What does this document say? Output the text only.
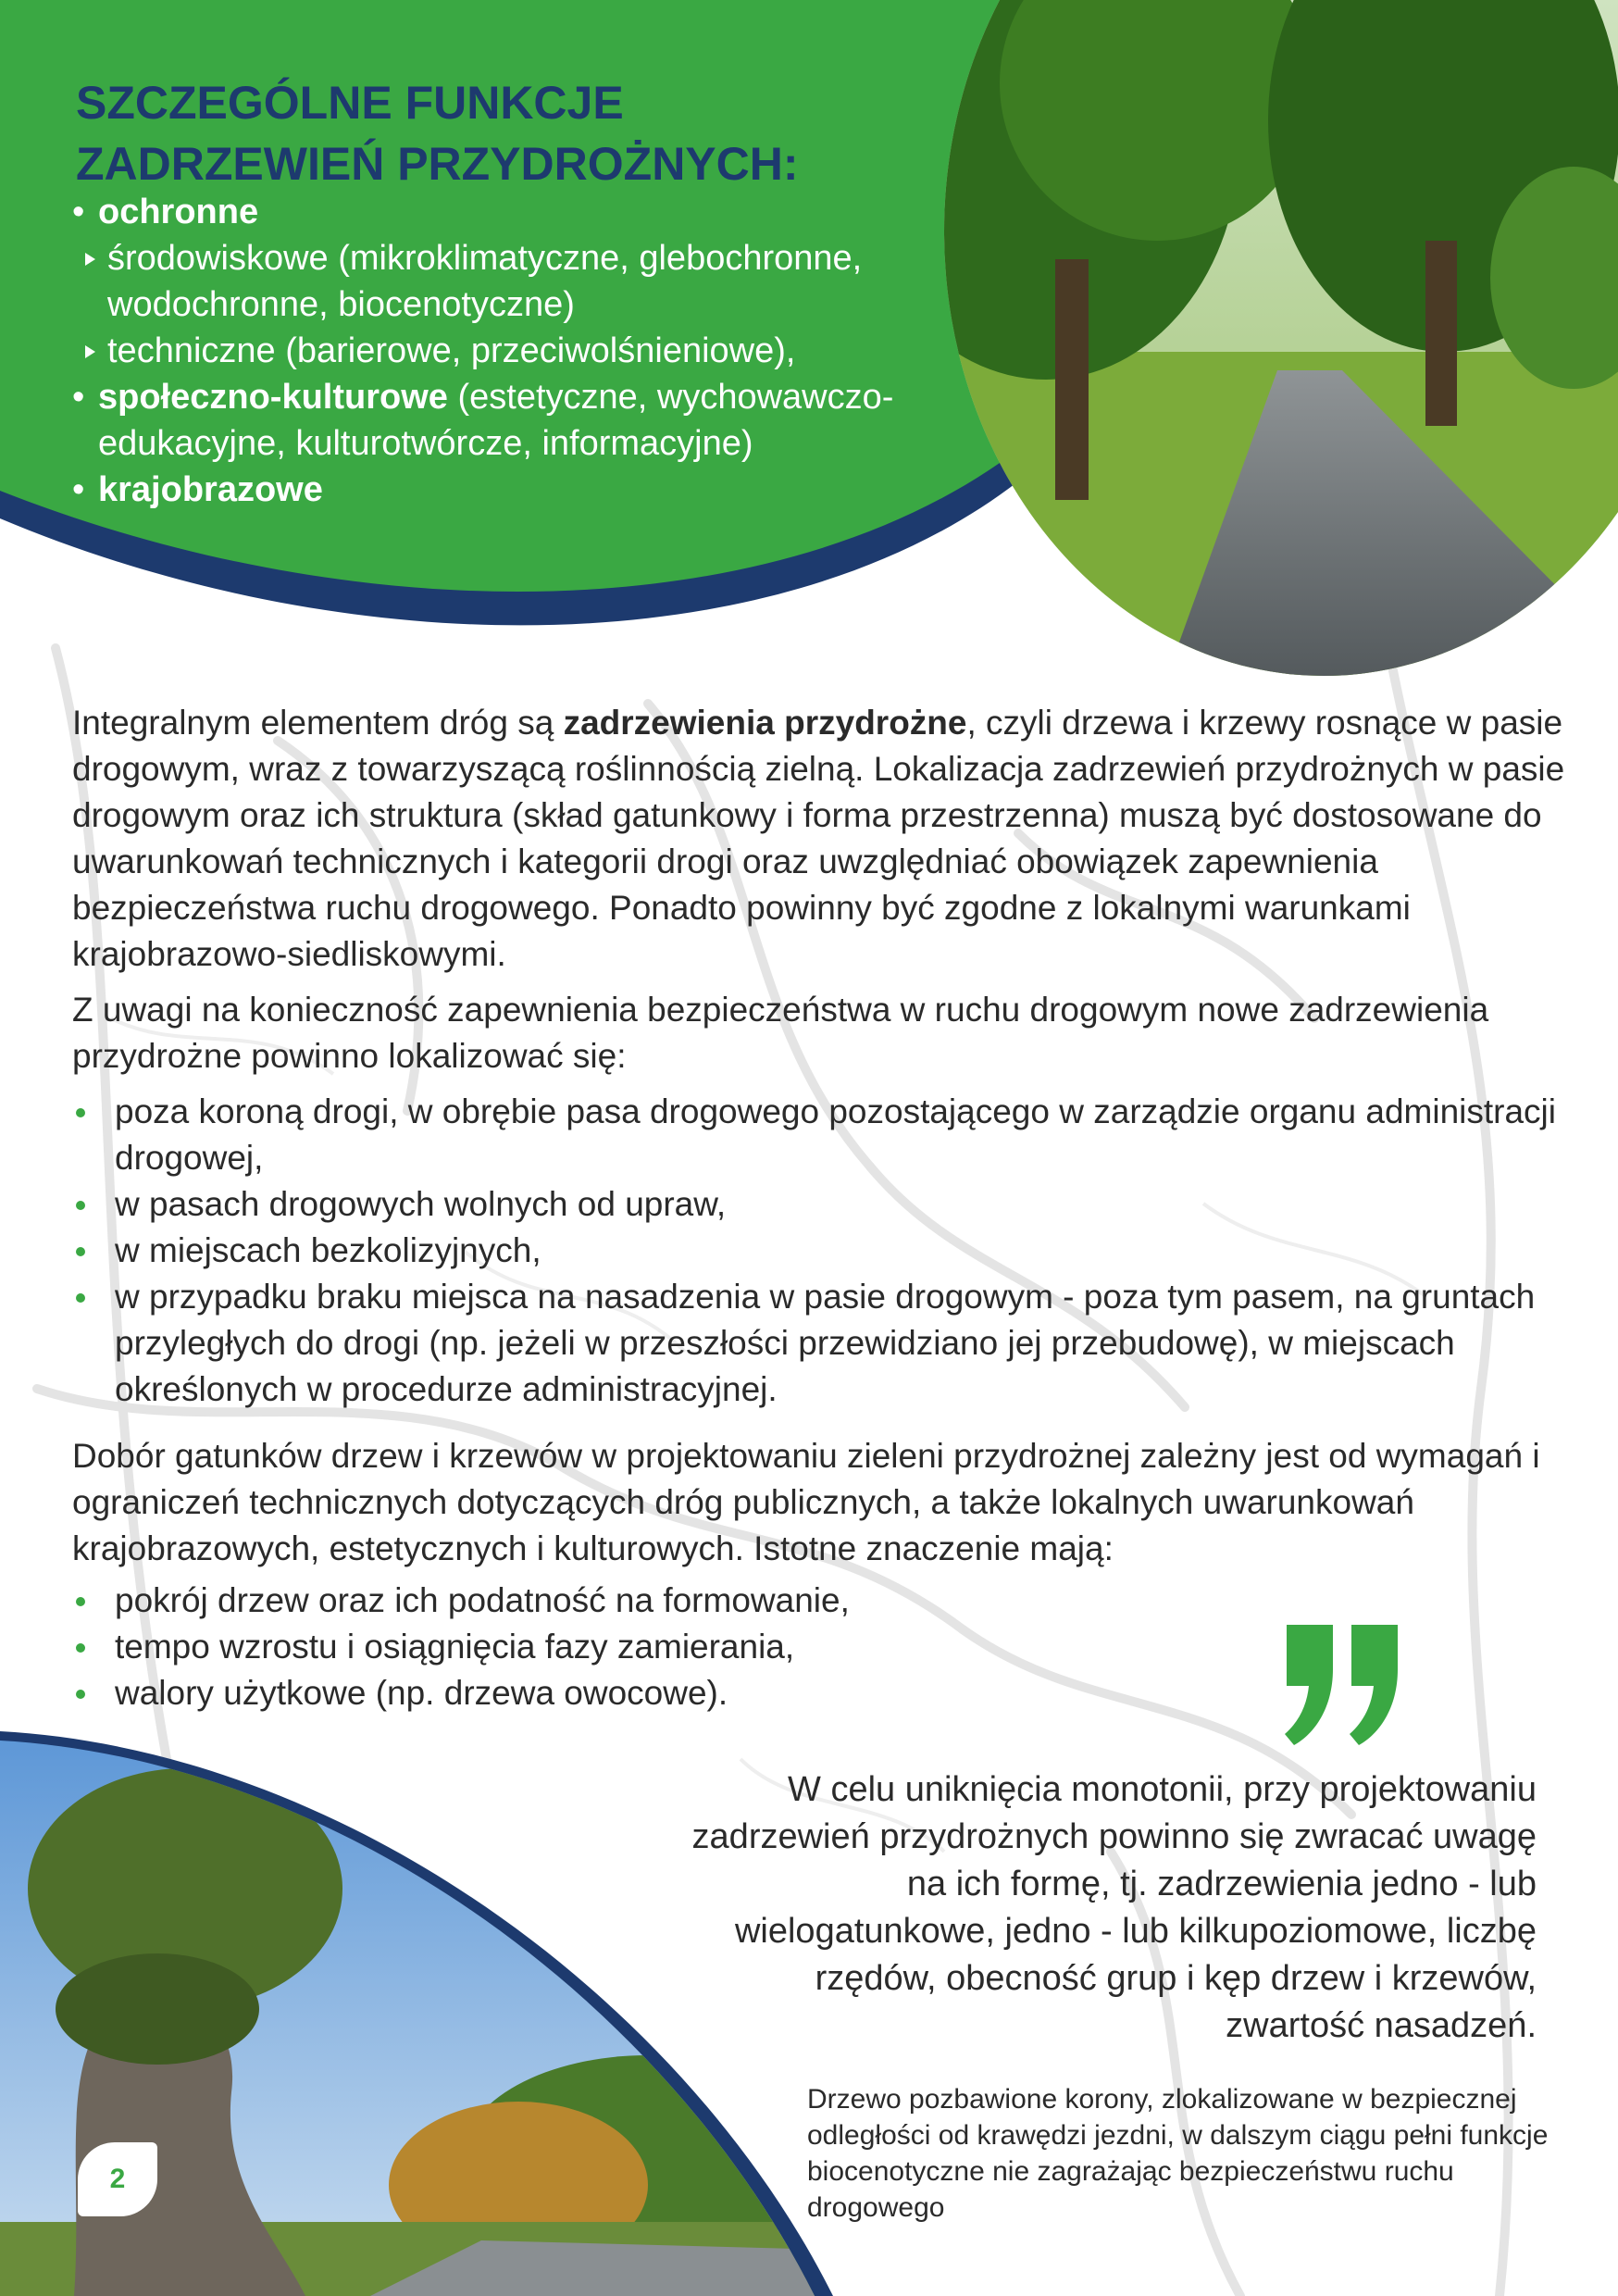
SZCZEGÓLNE FUNKCJE
ZADRZEWIEŃ PRZYDROŻNYCH:
• ochronne
środowiskowe (mikroklimatyczne, glebochronne, wodochronne, biocenotyczne)
techniczne (barierowe, przeciwolśnieniowe),
• społeczno-kulturowe (estetyczne, wychowawczo-edukacyjne, kulturotwórcze, informacyjne)
• krajobrazowe

Integralnym elementem dróg są zadrzewienia przydrożne, czyli drzewa i krzewy rosnące w pasie drogowym, wraz z towarzyszącą roślinnością zielną. Lokalizacja zadrzewień przydrożnych w pasie drogowym oraz ich struktura (skład gatunkowy i forma przestrzenna) muszą być dostosowane do uwarunkowań technicznych i kategorii drogi oraz uwzględniać obowiązek zapewnienia bezpieczeństwa ruchu drogowego. Ponadto powinny być zgodne z lokalnymi warunkami krajobrazowo-siedliskowymi.

Z uwagi na konieczność zapewnienia bezpieczeństwa w ruchu drogowym nowe zadrzewienia przydrożne powinno lokalizować się:

poza koroną drogi, w obrębie pasa drogowego pozostającego w zarządzie organu administracji drogowej,
w pasach drogowych wolnych od upraw,
w miejscach bezkolizyjnych,
w przypadku braku miejsca na nasadzenia w pasie drogowym - poza tym pasem, na gruntach przyległych do drogi (np. jeżeli w przeszłości przewidziano jej przebudowę), w miejscach określonych w procedurze administracyjnej.

Dobór gatunków drzew i krzewów w projektowaniu zieleni przydrożnej zależny jest od wymagań i ograniczeń technicznych dotyczących dróg publicznych, a także lokalnych uwarunkowań krajobrazowych, estetycznych i kulturowych. Istotne znaczenie mają:

pokrój drzew oraz ich podatność na formowanie,
tempo wzrostu i osiągnięcia fazy zamierania,
walory użytkowe (np. drzewa owocowe).
2

W celu uniknięcia monotonii, przy projektowaniu zadrzewień przydrożnych powinno się zwracać uwagę na ich formę, tj. zadrzewienia jedno - lub wielogatunkowe, jedno - lub kilkupoziomowe, liczbę rzędów, obecność grup i kęp drzew i krzewów, zwartość nasadzeń.

Drzewo pozbawione korony, zlokalizowane w bezpiecznej odległości od krawędzi jezdni, w dalszym ciągu pełni funkcje biocenotyczne nie zagrażając bezpieczeństwu ruchu drogowego
